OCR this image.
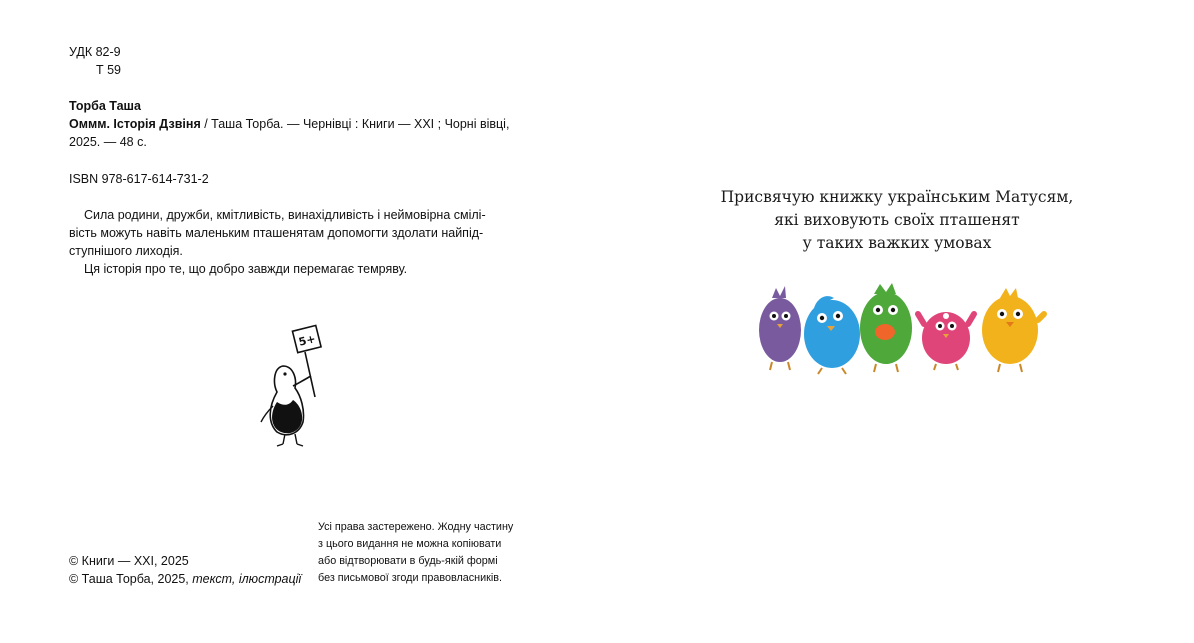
УДК 82-9
Т 59
Торба Таша
Оммм. Історія Дзвіня / Таша Торба. — Чернівці : Книги — ХХІ ; Чорні вівці,
2025. — 48 с.
ISBN 978-617-614-731-2

Сила родини, дружби, кмітливість, винахідливість і неймовірна смілі-

вість можуть навіть маленьким пташенятам допомогти здолати найпід-
ступнішого лиходія.

Ця історія про те, що добро завжди перемагає темряву.

5+
© Книги — ХХІ, 2025
© Таша Торба, 2025, текст, ілюстрації
Усі права застережено. Жодну частину
з цього видання не можна копіювати
або відтворювати в будь-якій формі
без письмової згоди правовласників.
Присвячую книжку українським Матусям,
які виховують своїх пташенят
у таких важких умовах
